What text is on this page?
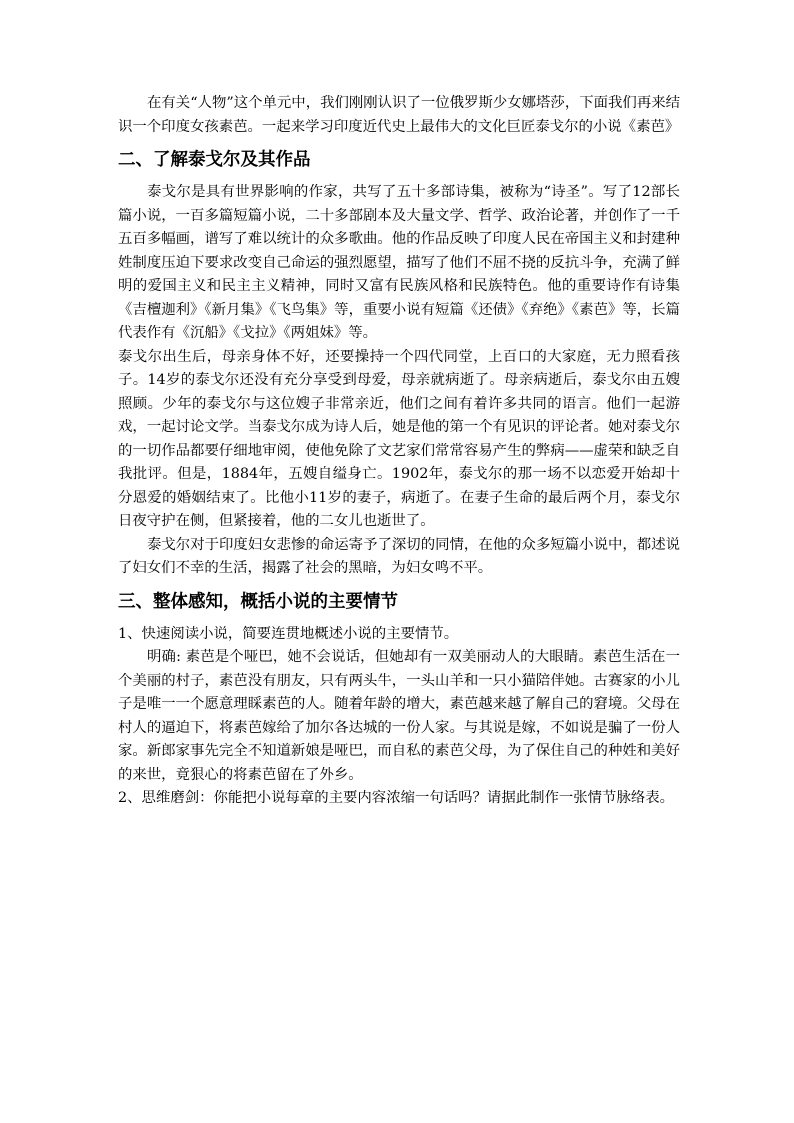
在有关“人物”这个单元中，我们刚刚认识了一位俄罗斯少女娜塔莎，下面我们再来结识一个印度女孩素芭。一起来学习印度近代史上最伟大的文化巨匠泰戈尔的小说《素芭》

二、了解泰戈尔及其作品

泰戈尔是具有世界影响的作家，共写了五十多部诗集，被称为“诗圣”。写了12部长篇小说，一百多篇短篇小说，二十多部剧本及大量文学、哲学、政治论著，并创作了一千五百多幅画，谱写了难以统计的众多歌曲。他的作品反映了印度人民在帝国主义和封建种姓制度压迫下要求改变自己命运的强烈愿望，描写了他们不屈不挠的反抗斗争，充满了鲜明的爱国主义和民主主义精神，同时又富有民族风格和民族特色。他的重要诗作有诗集《吉檀迦利》《新月集》《飞鸟集》等，重要小说有短篇《还债》《弃绝》《素芭》等，长篇代表作有《沉船》《戈拉》《两姐妹》等。

泰戈尔出生后，母亲身体不好，还要操持一个四代同堂，上百口的大家庭，无力照看孩子。14岁的泰戈尔还没有充分享受到母爱，母亲就病逝了。母亲病逝后，泰戈尔由五嫂照顾。少年的泰戈尔与这位嫂子非常亲近，他们之间有着许多共同的语言。他们一起游戏，一起讨论文学。当泰戈尔成为诗人后，她是他的第一个有见识的评论者。她对泰戈尔的一切作品都要仔细地审阅，使他免除了文艺家们常常容易产生的弊病——虚荣和缺乏自我批评。但是，1884年，五嫂自缢身亡。1902年，泰戈尔的那一场不以恋爱开始却十分恩爱的婚姻结束了。比他小11岁的妻子，病逝了。在妻子生命的最后两个月，泰戈尔日夜守护在侧，但紧接着，他的二女儿也逝世了。

泰戈尔对于印度妇女悲惨的命运寄予了深切的同情，在他的众多短篇小说中，都述说了妇女们不幸的生活，揭露了社会的黑暗，为妇女鸣不平。

三、整体感知，概括小说的主要情节

1、快速阅读小说，简要连贯地概述小说的主要情节。

明确: 素芭是个哑巴，她不会说话，但她却有一双美丽动人的大眼睛。素芭生活在一个美丽的村子，素芭没有朋友，只有两头牛，一头山羊和一只小猫陪伴她。古赛家的小儿子是唯一一个愿意理睬素芭的人。随着年龄的增大，素芭越来越了解自己的窘境。父母在村人的逼迫下，将素芭嫁给了加尔各达城的一份人家。与其说是嫁，不如说是骗了一份人家。新郎家事先完全不知道新娘是哑巴，而自私的素芭父母，为了保住自己的种姓和美好的来世，竟狠心的将素芭留在了外乡。

2、思维磨剑：你能把小说每章的主要内容浓缩一句话吗？请据此制作一张情节脉络表。
